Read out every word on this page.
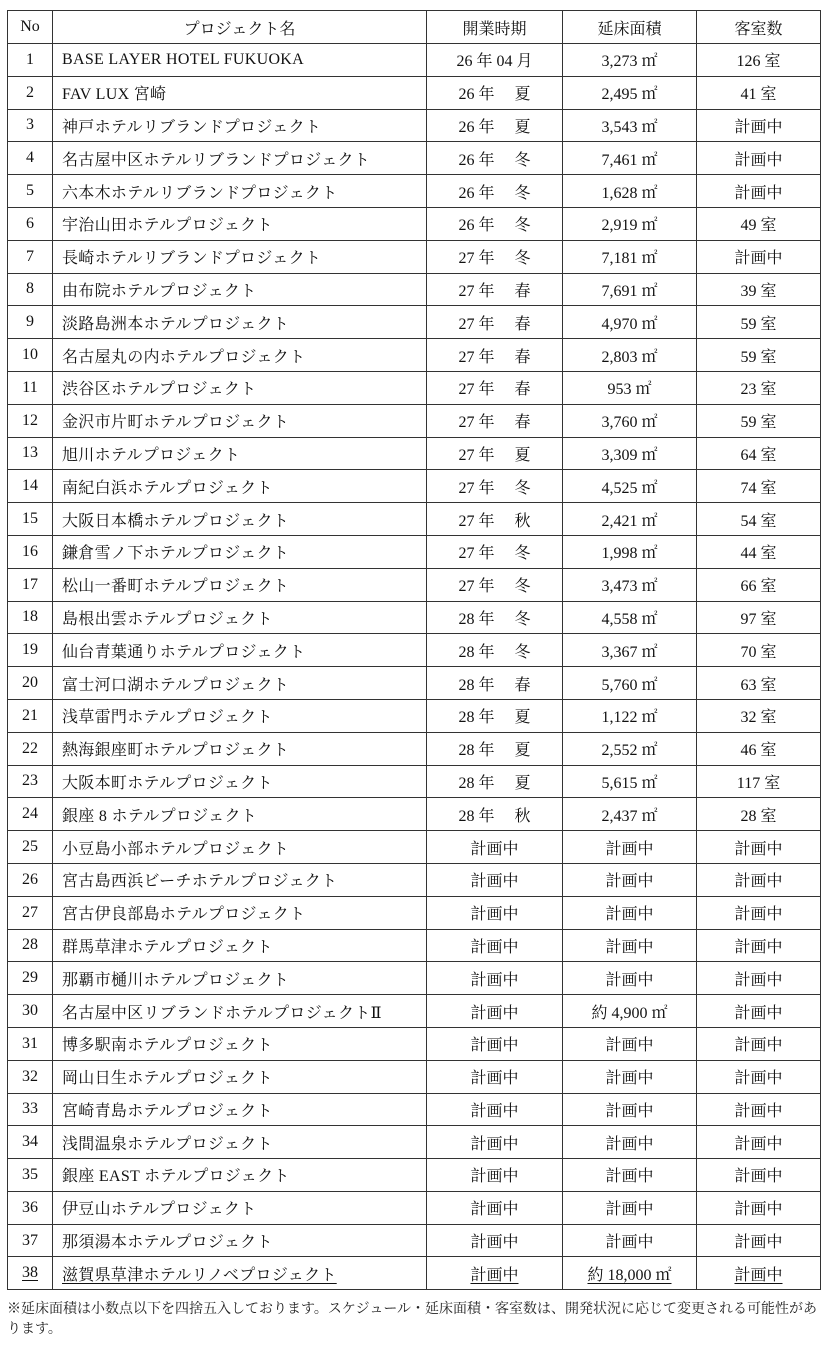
No	プロジェクト名	開業時期	延床面積	客室数
1	BASE LAYER HOTEL FUKUOKA	26 年 04 月	3,273 ㎡	126 室
2	FAV LUX 宮崎	26 年　 夏	2,495 ㎡	41 室
3	神戸ホテルリブランドプロジェクト	26 年　 夏	3,543 ㎡	計画中
4	名古屋中区ホテルリブランドプロジェクト	26 年　 冬	7,461 ㎡	計画中
5	六本木ホテルリブランドプロジェクト	26 年　 冬	1,628 ㎡	計画中
6	宇治山田ホテルプロジェクト	26 年　 冬	2,919 ㎡	49 室
7	長崎ホテルリブランドプロジェクト	27 年　 冬	7,181 ㎡	計画中
8	由布院ホテルプロジェクト	27 年　 春	7,691 ㎡	39 室
9	淡路島洲本ホテルプロジェクト	27 年　 春	4,970 ㎡	59 室
10	名古屋丸の内ホテルプロジェクト	27 年　 春	2,803 ㎡	59 室
11	渋谷区ホテルプロジェクト	27 年　 春	953 ㎡	23 室
12	金沢市片町ホテルプロジェクト	27 年　 春	3,760 ㎡	59 室
13	旭川ホテルプロジェクト	27 年　 夏	3,309 ㎡	64 室
14	南紀白浜ホテルプロジェクト	27 年　 冬	4,525 ㎡	74 室
15	大阪日本橋ホテルプロジェクト	27 年　 秋	2,421 ㎡	54 室
16	鎌倉雪ノ下ホテルプロジェクト	27 年　 冬	1,998 ㎡	44 室
17	松山一番町ホテルプロジェクト	27 年　 冬	3,473 ㎡	66 室
18	島根出雲ホテルプロジェクト	28 年　 冬	4,558 ㎡	97 室
19	仙台青葉通りホテルプロジェクト	28 年　 冬	3,367 ㎡	70 室
20	富士河口湖ホテルプロジェクト	28 年　 春	5,760 ㎡	63 室
21	浅草雷門ホテルプロジェクト	28 年　 夏	1,122 ㎡	32 室
22	熱海銀座町ホテルプロジェクト	28 年　 夏	2,552 ㎡	46 室
23	大阪本町ホテルプロジェクト	28 年　 夏	5,615 ㎡	117 室
24	銀座 8 ホテルプロジェクト	28 年　 秋	2,437 ㎡	28 室
25	小豆島小部ホテルプロジェクト	計画中	計画中	計画中
26	宮古島西浜ビーチホテルプロジェクト	計画中	計画中	計画中
27	宮古伊良部島ホテルプロジェクト	計画中	計画中	計画中
28	群馬草津ホテルプロジェクト	計画中	計画中	計画中
29	那覇市樋川ホテルプロジェクト	計画中	計画中	計画中
30	名古屋中区リブランドホテルプロジェクトⅡ	計画中	約 4,900 ㎡	計画中
31	博多駅南ホテルプロジェクト	計画中	計画中	計画中
32	岡山日生ホテルプロジェクト	計画中	計画中	計画中
33	宮崎青島ホテルプロジェクト	計画中	計画中	計画中
34	浅間温泉ホテルプロジェクト	計画中	計画中	計画中
35	銀座 EAST ホテルプロジェクト	計画中	計画中	計画中
36	伊豆山ホテルプロジェクト	計画中	計画中	計画中
37	那須湯本ホテルプロジェクト	計画中	計画中	計画中
38	滋賀県草津ホテルリノベプロジェクト	計画中	約 18,000 ㎡	計画中
※延床面積は小数点以下を四捨五入しております。スケジュール・延床面積・客室数は、開発状況に応じて変更される可能性があります。
